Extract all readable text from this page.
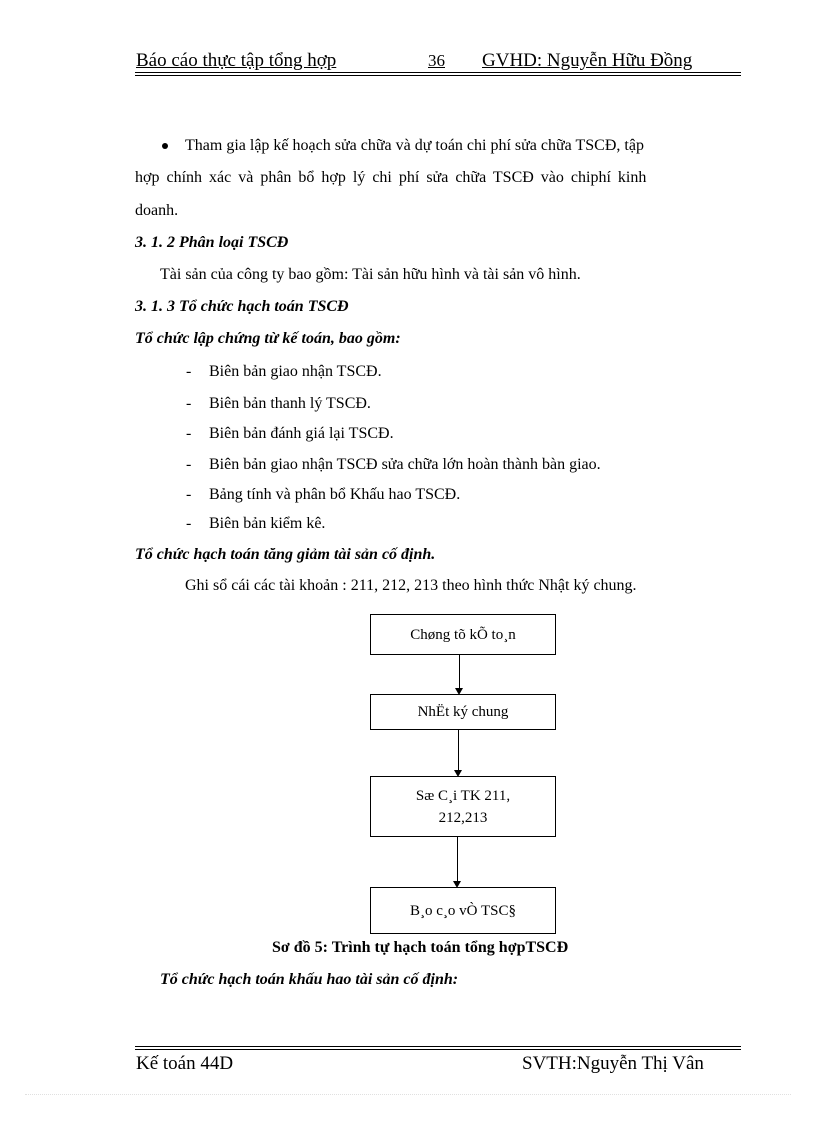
Báo cáo thực tập tổng hợp	36 GVHD: Nguyễn Hữu Đồng
Tham gia lập kế hoạch sửa chữa và dự toán chi phí sửa chữa TSCĐ, tập
hợp chính xác và phân bổ hợp lý chi phí sửa chữa TSCĐ vào chiphí kinh
doanh.
3. 1. 2 Phân loại TSCĐ
Tài sản của công ty bao gồm: Tài sản hữu hình và tài sản vô hình.
3. 1. 3 Tổ chức hạch toán TSCĐ
Tổ chức lập chứng từ kế toán, bao gồm:
- Biên bản giao nhận TSCĐ.
- Biên bản thanh lý TSCĐ.
- Biên bản đánh giá lại TSCĐ.
- Biên bản giao nhận TSCĐ sửa chữa lớn hoàn thành bàn giao.
- Bảng tính và phân bổ Khấu hao TSCĐ.
- Biên bản kiểm kê.
Tổ chức hạch toán tăng giảm tài sản cố định.
Ghi sổ cái các tài khoản : 211, 212, 213 theo hình thức Nhật ký chung.
Chøng tõ kÕ to¸n
NhËt ký chung
Sæ C¸i TK 211,
212,213
B¸o c¸o vÒ TSC§
Sơ đồ 5: Trình tự hạch toán tổng hợpTSCĐ
Tổ chức hạch toán khấu hao tài sản cố định:
Kế toán 44D	SVTH:Nguyễn Thị Vân
